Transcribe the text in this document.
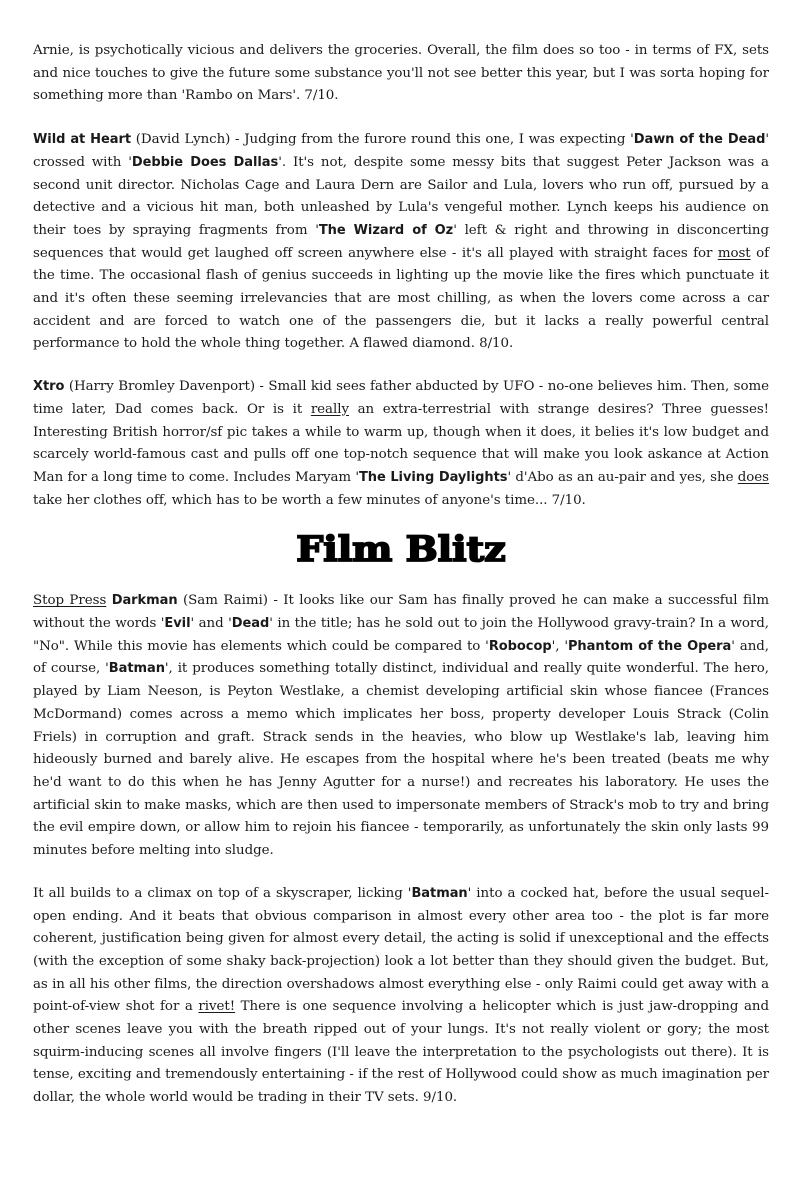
Arnie, is psychotically vicious and delivers the groceries. Overall, the film does so too - in terms of FX, sets and nice touches to give the future some substance you'll not see better this year, but I was sorta hoping for something more than 'Rambo on Mars'. 7/10.

Wild at Heart (David Lynch) - Judging from the furore round this one, I was expecting 'Dawn of the Dead' crossed with 'Debbie Does Dallas'. It's not, despite some messy bits that suggest Peter Jackson was a second unit director. Nicholas Cage and Laura Dern are Sailor and Lula, lovers who run off, pursued by a detective and a vicious hit man, both unleashed by Lula's vengeful mother. Lynch keeps his audience on their toes by spraying fragments from 'The Wizard of Oz' left & right and throwing in disconcerting sequences that would get laughed off screen anywhere else - it's all played with straight faces for most of the time. The occasional flash of genius succeeds in lighting up the movie like the fires which punctuate it and it's often these seeming irrelevancies that are most chilling, as when the lovers come across a car accident and are forced to watch one of the passengers die, but it lacks a really powerful central performance to hold the whole thing together. A flawed diamond. 8/10.

Xtro (Harry Bromley Davenport) - Small kid sees father abducted by UFO - no-one believes him. Then, some time later, Dad comes back. Or is it really an extra-terrestrial with strange desires? Three guesses! Interesting British horror/sf pic takes a while to warm up, though when it does, it belies it's low budget and scarcely world-famous cast and pulls off one top-notch sequence that will make you look askance at Action Man for a long time to come. Includes Maryam 'The Living Daylights' d'Abo as an au-pair and yes, she does take her clothes off, which has to be worth a few minutes of anyone's time... 7/10.

Film Blitz

Stop Press Darkman (Sam Raimi) - It looks like our Sam has finally proved he can make a successful film without the words 'Evil' and 'Dead' in the title; has he sold out to join the Hollywood gravy-train? In a word, "No". While this movie has elements which could be compared to 'Robocop', 'Phantom of the Opera' and, of course, 'Batman', it produces something totally distinct, individual and really quite wonderful. The hero, played by Liam Neeson, is Peyton Westlake, a chemist developing artificial skin whose fiancee (Frances McDormand) comes across a memo which implicates her boss, property developer Louis Strack (Colin Friels) in corruption and graft. Strack sends in the heavies, who blow up Westlake's lab, leaving him hideously burned and barely alive. He escapes from the hospital where he's been treated (beats me why he'd want to do this when he has Jenny Agutter for a nurse!) and recreates his laboratory. He uses the artificial skin to make masks, which are then used to impersonate members of Strack's mob to try and bring the evil empire down, or allow him to rejoin his fiancee - temporarily, as unfortunately the skin only lasts 99 minutes before melting into sludge.

It all builds to a climax on top of a skyscraper, licking 'Batman' into a cocked hat, before the usual sequel-open ending. And it beats that obvious comparison in almost every other area too - the plot is far more coherent, justification being given for almost every detail, the acting is solid if unexceptional and the effects (with the exception of some shaky back-projection) look a lot better than they should given the budget. But, as in all his other films, the direction overshadows almost everything else - only Raimi could get away with a point-of-view shot for a rivet! There is one sequence involving a helicopter which is just jaw-dropping and other scenes leave you with the breath ripped out of your lungs. It's not really violent or gory; the most squirm-inducing scenes all involve fingers (I'll leave the interpretation to the psychologists out there). It is tense, exciting and tremendously entertaining - if the rest of Hollywood could show as much imagination per dollar, the whole world would be trading in their TV sets. 9/10.
